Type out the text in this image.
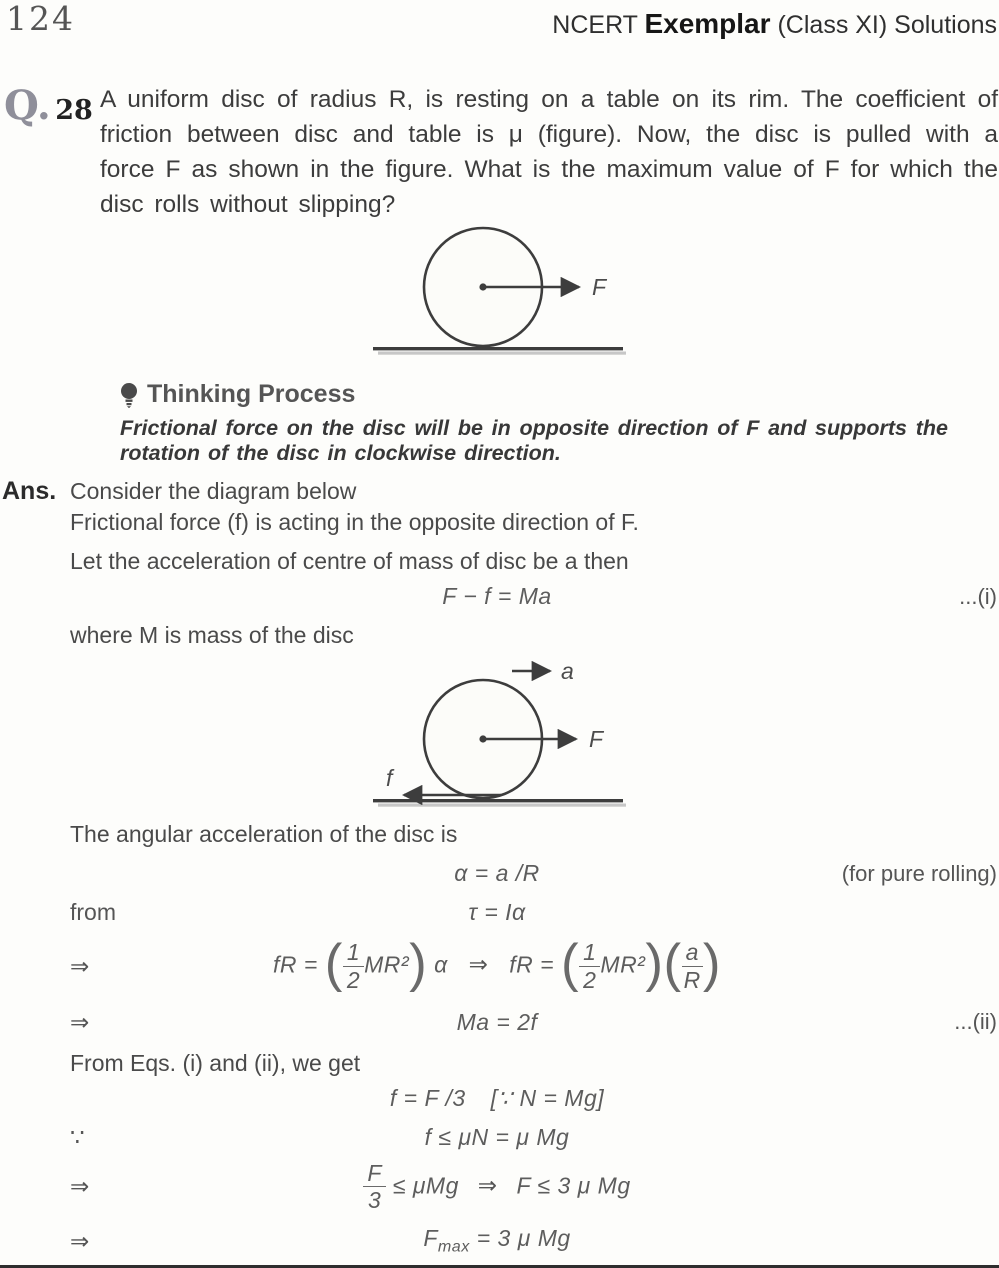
124	NCERT Exemplar (Class XI) Solutions
Q. 28 A uniform disc of radius R, is resting on a table on its rim. The coefficient of friction between disc and table is μ (figure). Now, the disc is pulled with a force F as shown in the figure. What is the maximum value of F for which the disc rolls without slipping?

F
Thinking Process

Frictional force on the disc will be in opposite direction of F and supports the rotation of the disc in clockwise direction.

Ans. Consider the diagram below
Frictional force (f) is acting in the opposite direction of F.
Let the acceleration of centre of mass of disc be a then
F − f = Ma	...(i)
where M is mass of the disc
a
F
f
The angular acceleration of the disc is
α = a /R	(for pure rolling)
from	τ = Iα
⇒	fR = ( $\frac{1}{2} MR^2$) α ⇒ fR = ( $\frac{1}{2} MR^2)( \frac{a}{R}$ )
⇒	Ma = 2f	...(ii)
From Eqs. (i) and (ii), we get
f = F /3 [∵ N = Mg]
∵	f ≤ μN = μ Mg
⇒	$\frac{F}{3} \le \mu Mg$ ⇒ F ≤ 3 μ Mg
⇒	$F_{max} = 3$ μ Mg
